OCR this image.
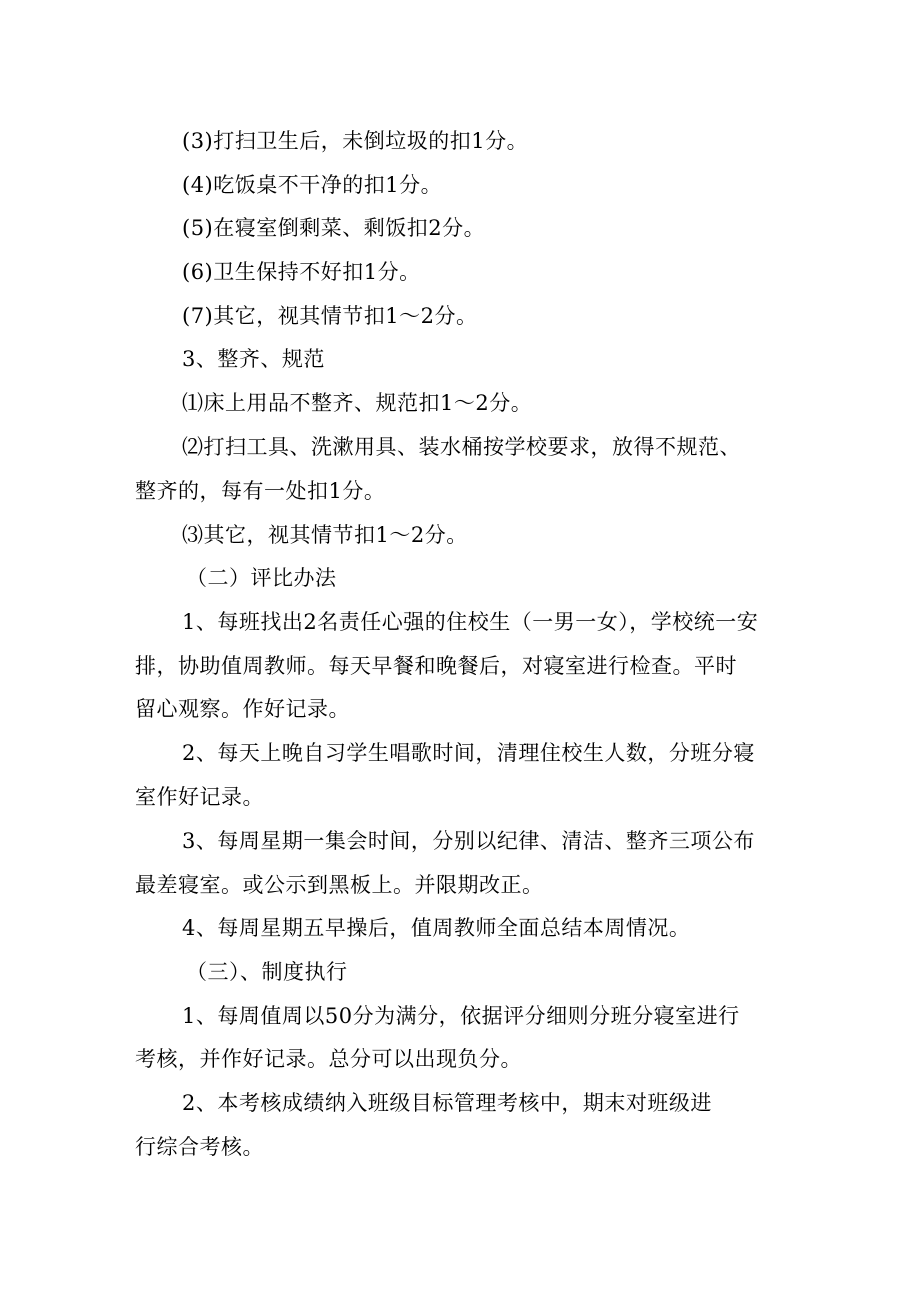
(3)打扫卫生后，未倒垃圾的扣1分。
(4)吃饭桌不干净的扣1分。
(5)在寝室倒剩菜、剩饭扣2分。
(6)卫生保持不好扣1分。
(7)其它，视其情节扣1～2分。
3、整齐、规范
⑴床上用品不整齐、规范扣1～2分。
⑵打扫工具、洗漱用具、装水桶按学校要求，放得不规范、
整齐的，每有一处扣1分。
⑶其它，视其情节扣1～2分。
（二）评比办法
1、每班找出2名责任心强的住校生（一男一女），学校统一安
排，协助值周教师。每天早餐和晚餐后，对寝室进行检查。平时
留心观察。作好记录。
2、每天上晚自习学生唱歌时间，清理住校生人数，分班分寝
室作好记录。
3、每周星期一集会时间，分别以纪律、清洁、整齐三项公布
最差寝室。或公示到黑板上。并限期改正。
4、每周星期五早操后，值周教师全面总结本周情况。
（三）、制度执行
1、每周值周以50分为满分，依据评分细则分班分寝室进行
考核，并作好记录。总分可以出现负分。
2、本考核成绩纳入班级目标管理考核中，期末对班级进
行综合考核。
